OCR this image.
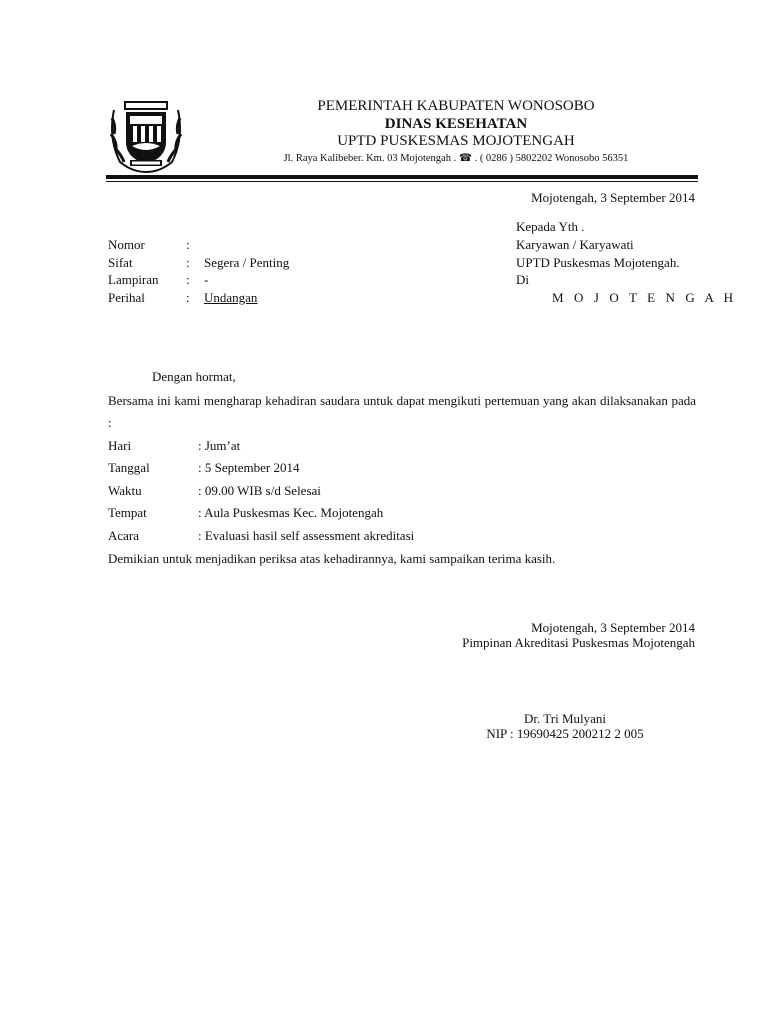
PEMERINTAH KABUPATEN WONOSOBO
DINAS KESEHATAN
UPTD PUSKESMAS MOJOTENGAH
Jl. Raya Kalibeber. Km. 03 Mojotengah . ☎ . ( 0286 ) 5802202 Wonosobo 56351
Mojotengah, 3 September 2014
Nomor	:
Sifat	: Segera / Penting
Lampiran : -
Perihal	: Undangan
Kepada Yth .
Karyawan / Karyawati
UPTD Puskesmas Mojotengah.
Di
M O J O T E N G A H
Dengan hormat,
Bersama ini kami mengharap kehadiran saudara untuk dapat mengikuti pertemuan yang akan dilaksanakan pada :
Hari	: Jum’at
Tanggal	: 5 September 2014
Waktu	: 09.00 WIB s/d Selesai
Tempat	: Aula Puskesmas Kec. Mojotengah
Acara	: Evaluasi hasil self assessment akreditasi
Demikian untuk menjadikan periksa atas kehadirannya, kami sampaikan terima kasih.
Mojotengah, 3 September 2014
Pimpinan Akreditasi Puskesmas Mojotengah
Dr. Tri Mulyani
NIP : 19690425 200212 2 005
